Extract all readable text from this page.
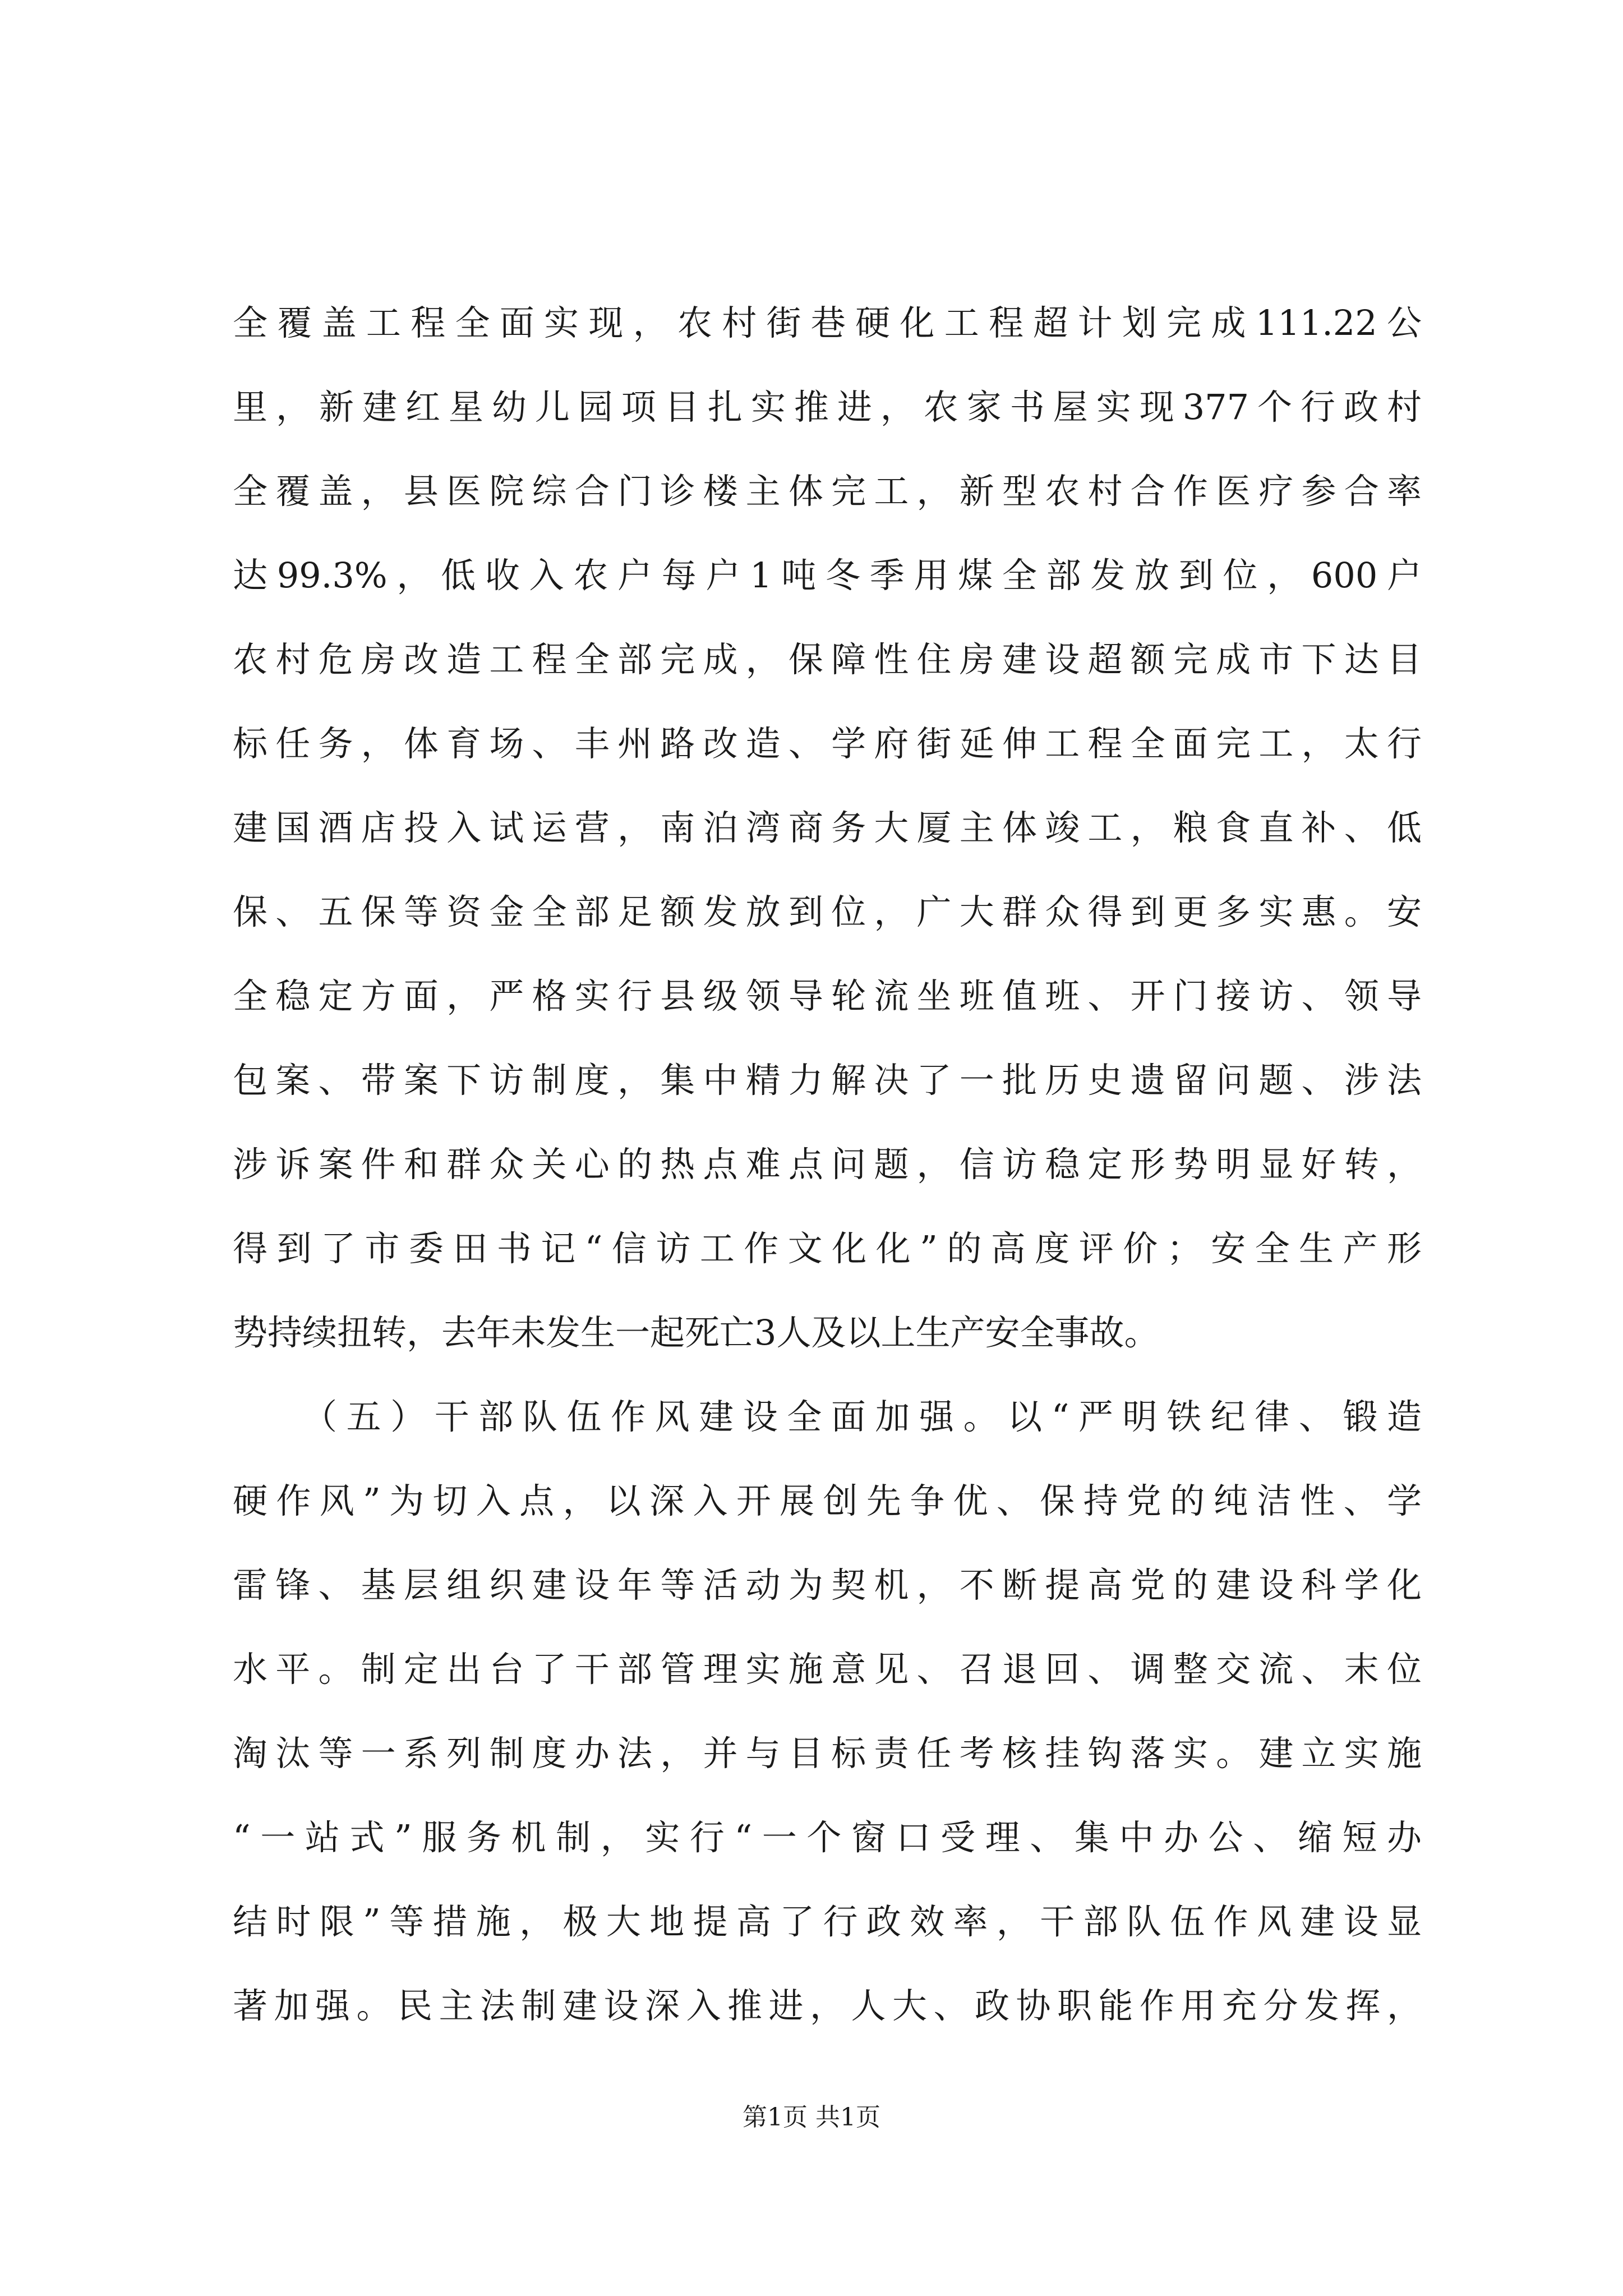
全覆盖工程全面实现，农村街巷硬化工程超计划完成111.22公
里，新建红星幼儿园项目扎实推进，农家书屋实现377个行政村
全覆盖，县医院综合门诊楼主体完工，新型农村合作医疗参合率
达99.3%，低收入农户每户1吨冬季用煤全部发放到位，600户
农村危房改造工程全部完成，保障性住房建设超额完成市下达目
标任务，体育场、丰州路改造、学府街延伸工程全面完工，太行
建国酒店投入试运营，南泊湾商务大厦主体竣工，粮食直补、低
保、五保等资金全部足额发放到位，广大群众得到更多实惠。安
全稳定方面，严格实行县级领导轮流坐班值班、开门接访、领导
包案、带案下访制度，集中精力解决了一批历史遗留问题、涉法
涉诉案件和群众关心的热点难点问题，信访稳定形势明显好转，
得到了市委田书记“信访工作文化化”的高度评价；安全生产形
势持续扭转，去年未发生一起死亡3人及以上生产安全事故。
（五）干部队伍作风建设全面加强。以“严明铁纪律、锻造
硬作风”为切入点，以深入开展创先争优、保持党的纯洁性、学
雷锋、基层组织建设年等活动为契机，不断提高党的建设科学化
水平。制定出台了干部管理实施意见、召退回、调整交流、末位
淘汰等一系列制度办法，并与目标责任考核挂钩落实。建立实施
“一站式”服务机制，实行“一个窗口受理、集中办公、缩短办
结时限”等措施，极大地提高了行政效率，干部队伍作风建设显
著加强。民主法制建设深入推进，人大、政协职能作用充分发挥，
第1页 共1页
